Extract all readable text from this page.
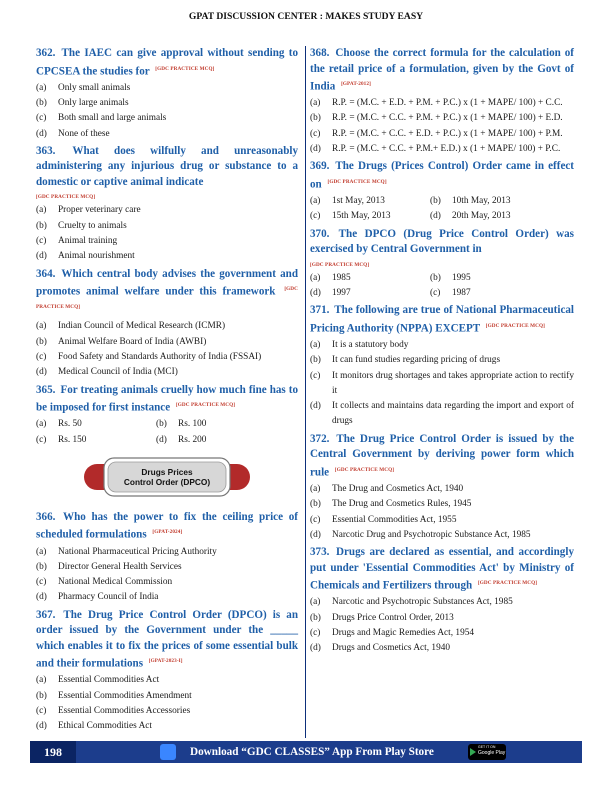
GPAT DISCUSSION CENTER : MAKES STUDY EASY
362. The IAEC can give approval without sending to CPCSEA the studies for [GDC PRACTICE MCQ]
(a)	Only small animals
(b)	Only large animals
(c)	Both small and large animals
(d)	None of these
363. What does wilfully and unreasonably administering any injurious drug or substance to a domestic or captive animal indicate
[GDC PRACTICE MCQ]
(a)	Proper veterinary care
(b)	Cruelty to animals
(c)	Animal training
(d)	Animal nourishment
364. Which central body advises the government and promotes animal welfare under this framework [GDC PRACTICE MCQ]
(a)	Indian Council of Medical Research (ICMR)
(b)	Animal Welfare Board of India (AWBI)
(c)	Food Safety and Standards Authority of India (FSSAI)
(d)	Medical Council of India (MCI)
365. For treating animals cruelly how much fine has to be imposed for first instance [GDC PRACTICE MCQ]
(a)	Rs. 50	(b)	Rs. 100
(c)	Rs. 150	(d)	Rs. 200
Drugs Prices
Control Order (DPCO)
366. Who has the power to fix the ceiling price of scheduled formulations [GPAT-2024]
(a)	National Pharmaceutical Pricing Authority
(b)	Director General Health Services
(c)	National Medical Commission
(d)	Pharmacy Council of India
367. The Drug Price Control Order (DPCO) is an order issued by the Government under the _____ which enables it to fix the prices of some essential bulk and their formulations [GPAT-2023-I]
(a)	Essential Commodities Act
(b)	Essential Commodities Amendment
(c)	Essential Commodities Accessories
(d)	Ethical Commodities Act
368. Choose the correct formula for the calculation of the retail price of a formulation, given by the Govt of India [GPAT-2012]
(a)	R.P. = (M.C. + E.D. + P.M. + P.C.) x (1 + MAPE/ 100) + C.C.
(b)	R.P. = (M.C. + C.C. + P.M. + P.C.) x (1 + MAPE/ 100) + E.D.
(c)	R.P. = (M.C. + C.C. + E.D. + P.C.) x (1 + MAPE/ 100) + P.M.
(d)	R.P. = (M.C. + C.C. + P.M.+ E.D.) x (1 + MAPE/ 100) + P.C.
369. The Drugs (Prices Control) Order came in effect on [GDC PRACTICE MCQ]
(a)	1st May, 2013	(b)	10th May, 2013
(c)	15th May, 2013	(d)	20th May, 2013
370. The DPCO (Drug Price Control Order) was exercised by Central Government in
[GDC PRACTICE MCQ]
(a)	1985	(b)	1995
(d)	1997	(c)	1987
371. The following are true of National Pharmaceutical Pricing Authority (NPPA) EXCEPT [GDC PRACTICE MCQ]
(a)	It is a statutory body
(b)	It can fund studies regarding pricing of drugs
(c)	It monitors drug shortages and takes appropriate action to rectify it
(d)	It collects and maintains data regarding the import and export of drugs
372. The Drug Price Control Order is issued by the Central Government by deriving power form which rule [GDC PRACTICE MCQ]
(a)	The Drug and Cosmetics Act, 1940
(b)	The Drug and Cosmetics Rules, 1945
(c)	Essential Commodities Act, 1955
(d)	Narcotic Drug and Psychotropic Substance Act, 1985
373. Drugs are declared as essential, and accordingly put under 'Essential Commodities Act' by Ministry of Chemicals and Fertilizers through [GDC PRACTICE MCQ]
(a)	Narcotic and Psychotropic Substances Act, 1985
(b)	Drugs Price Control Order, 2013
(c)	Drugs and Magic Remedies Act, 1954
(d)	Drugs and Cosmetics Act, 1940
198	Download “GDC CLASSES” App From Play Store	GET IT ON
Google Play
